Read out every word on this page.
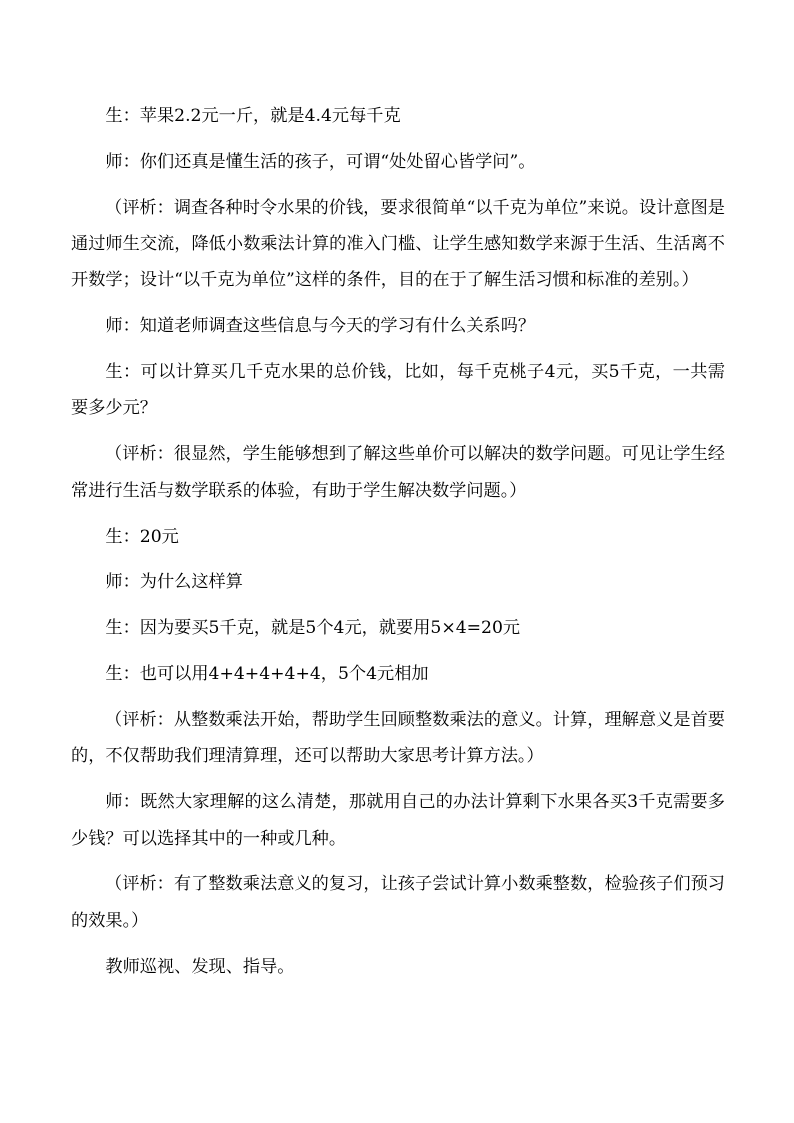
生：苹果2.2元一斤，就是4.4元每千克

师：你们还真是懂生活的孩子，可谓“处处留心皆学问”。

（评析：调查各种时令水果的价钱，要求很简单“以千克为单位”来说。设计意图是通过师生交流，降低小数乘法计算的准入门槛、让学生感知数学来源于生活、生活离不开数学；设计“以千克为单位”这样的条件，目的在于了解生活习惯和标准的差别。）

师：知道老师调查这些信息与今天的学习有什么关系吗？

生：可以计算买几千克水果的总价钱，比如，每千克桃子4元，买5千克，一共需要多少元？

（评析：很显然，学生能够想到了解这些单价可以解决的数学问题。可见让学生经常进行生活与数学联系的体验，有助于学生解决数学问题。）

生：20元

师：为什么这样算

生：因为要买5千克，就是5个4元，就要用5×4=20元

生：也可以用4+4+4+4+4，5个4元相加

（评析：从整数乘法开始，帮助学生回顾整数乘法的意义。计算，理解意义是首要的，不仅帮助我们理清算理，还可以帮助大家思考计算方法。）

师：既然大家理解的这么清楚，那就用自己的办法计算剩下水果各买3千克需要多少钱？可以选择其中的一种或几种。

（评析：有了整数乘法意义的复习，让孩子尝试计算小数乘整数，检验孩子们预习的效果。）

教师巡视、发现、指导。
